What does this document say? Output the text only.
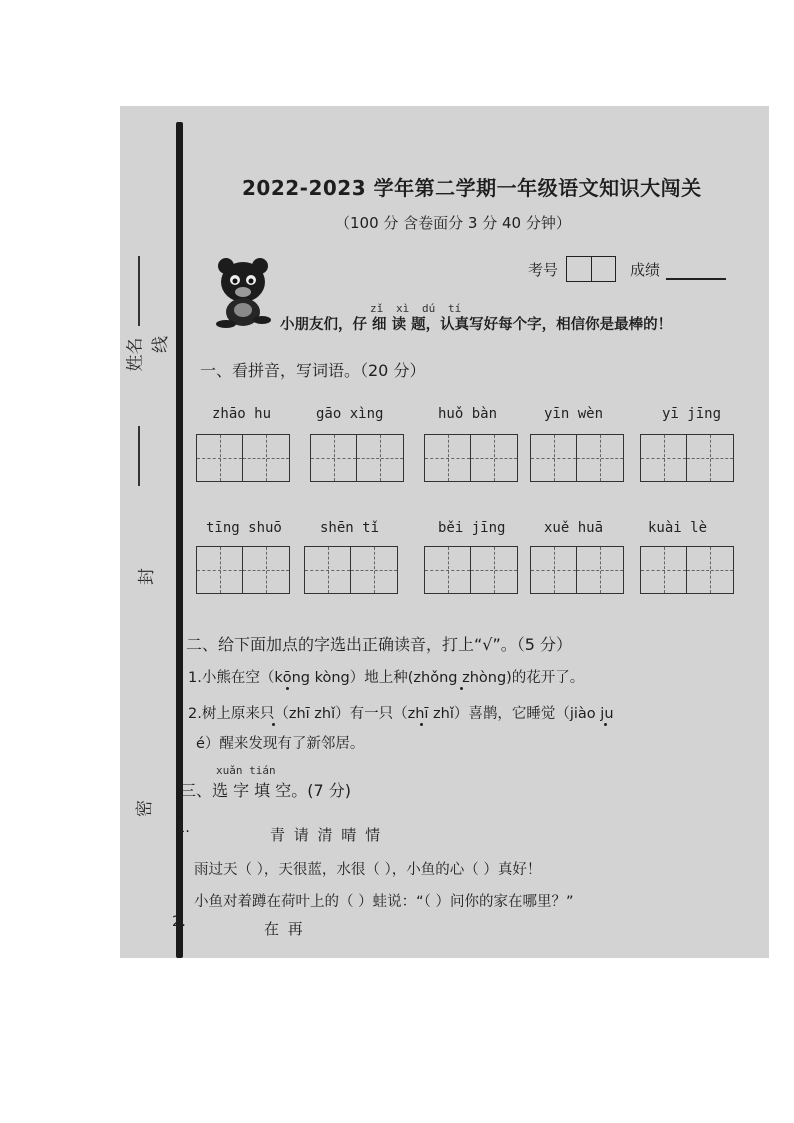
姓名 线
封
密
2022-2023 学年第二学期一年级语文知识大闯关
（100 分 含卷面分 3 分 40 分钟）
考号	成绩
zǐ xì dú tí
小朋友们，仔 细 读 题，认真写好每个字，相信你是最棒的！
一、看拼音，写词语。（20 分）
zhāo hu	gāo xìng	huǒ bàn	yīn wèn	yī jīng
tīng shuō	shēn tǐ	běi jīng	xuě huā	kuài lè
二、给下面加点的字选出正确读音，打上“√”。（5 分）
1.小熊在空（kōng kòng）地上种(zhǒng zhòng)的花开了。
2.树上原来只（zhī zhǐ）有一只（zhī zhǐ）喜鹊，它睡觉（jiào ju
é）醒来发现有了新邻居。
xuǎn tián
三、选 字 填 空。(7 分)
1.	青 请 清 晴 情
雨过天（ ），天很蓝，水很（ ），小鱼的心（ ）真好！
小鱼对着蹲在荷叶上的（ ）蛙说：“（ ）问你的家在哪里？”
2.	在 再
